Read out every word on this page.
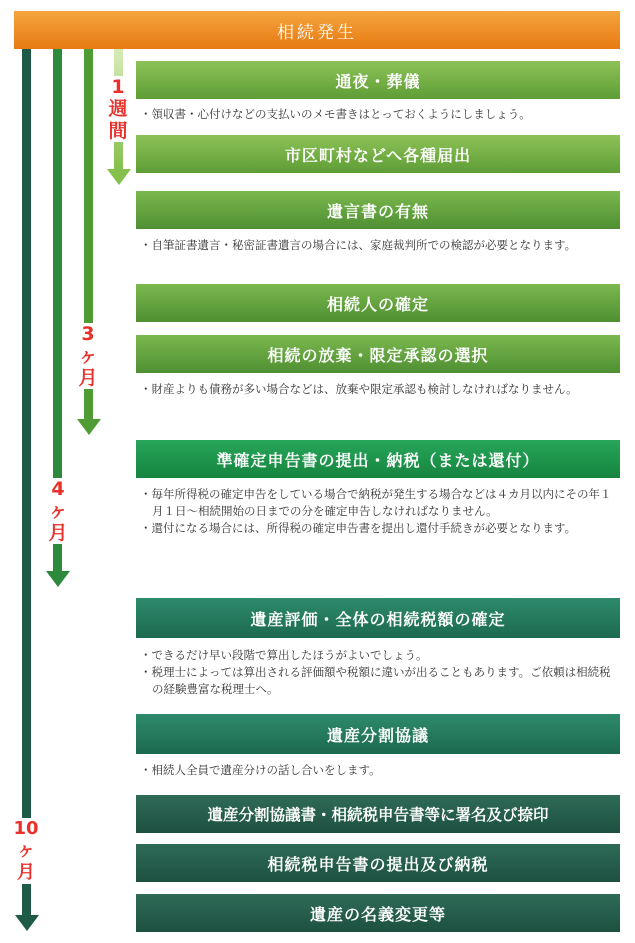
相続発生
10
ヶ
月
4
ヶ
月
3
ヶ
月
1
週
間
通夜・葬儀

・領収書・心付けなどの支払いのメモ書きはとっておくようにしましょう。

市区町村などへ各種届出
遺言書の有無

・自筆証書遺言・秘密証書遺言の場合には、家庭裁判所での検認が必要となります。

相続人の確定
相続の放棄・限定承認の選択

・財産よりも債務が多い場合などは、放棄や限定承認も検討しなければなりません。

準確定申告書の提出・納税（または還付）

・毎年所得税の確定申告をしている場合で納税が発生する場合などは４カ月以内にその年１月１日〜相続開始の日までの分を確定申告しなければなりません。

・還付になる場合には、所得税の確定申告書を提出し還付手続きが必要となります。

遺産評価・全体の相続税額の確定

・できるだけ早い段階で算出したほうがよいでしょう。

・税理士によっては算出される評価額や税額に違いが出ることもあります。ご依頼は相続税の経験豊富な税理士へ。

遺産分割協議

・相続人全員で遺産分けの話し合いをします。

遺産分割協議書・相続税申告書等に署名及び捺印
相続税申告書の提出及び納税
遺産の名義変更等
